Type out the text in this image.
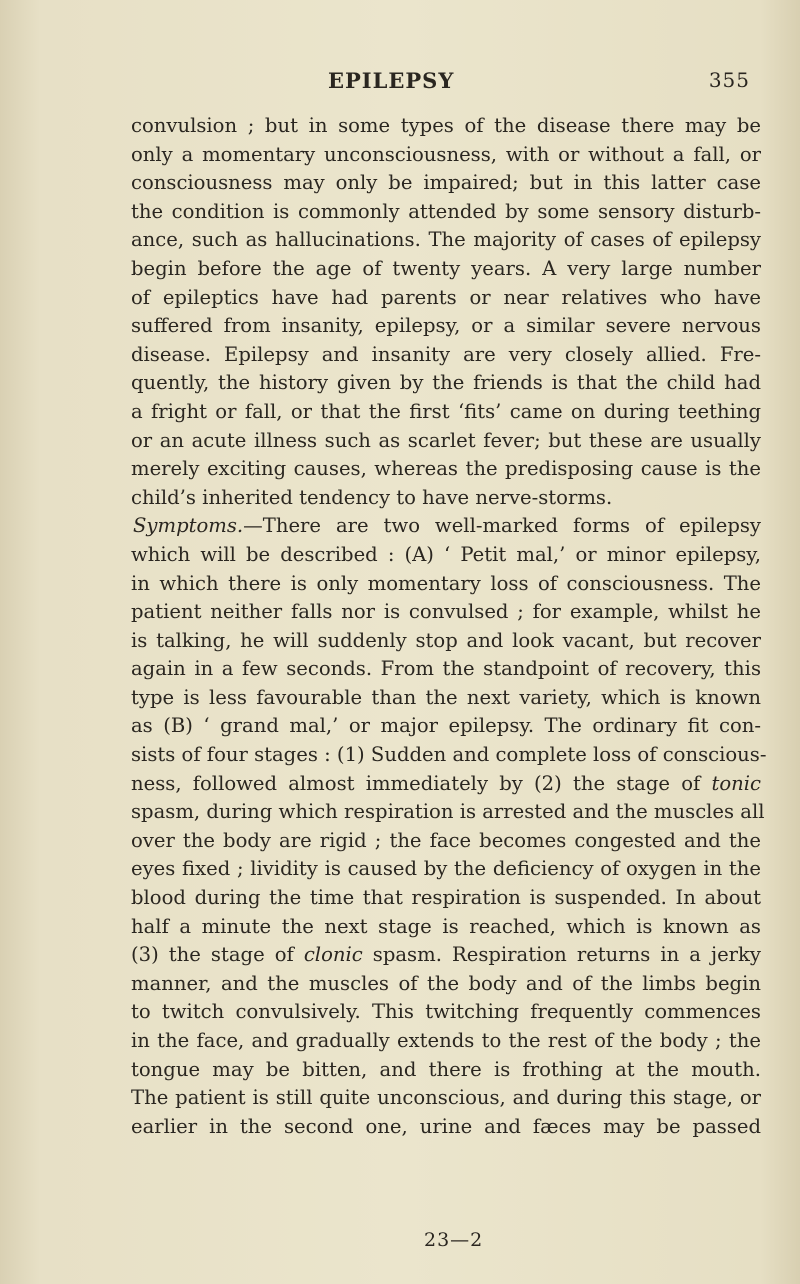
EPILEPSY	355
convulsion ; but in some types of the disease there may be
only a momentary unconsciousness, with or without a fall, or
consciousness may only be impaired; but in this latter case
the condition is commonly attended by some sensory disturb-
ance, such as hallucinations. The majority of cases of epilepsy
begin before the age of twenty years. A very large number
of epileptics have had parents or near relatives who have
suffered from insanity, epilepsy, or a similar severe nervous
disease. Epilepsy and insanity are very closely allied. Fre-
quently, the history given by the friends is that the child had
a fright or fall, or that the first ‘fits’ came on during teething
or an acute illness such as scarlet fever; but these are usually
merely exciting causes, whereas the predisposing cause is the
child’s inherited tendency to have nerve-storms.
Symptoms.—There are two well-marked forms of epilepsy
which will be described : (A) ‘ Petit mal,’ or minor epilepsy,
in which there is only momentary loss of consciousness. The
patient neither falls nor is convulsed ; for example, whilst he
is talking, he will suddenly stop and look vacant, but recover
again in a few seconds. From the standpoint of recovery, this
type is less favourable than the next variety, which is known
as (B) ‘ grand mal,’ or major epilepsy. The ordinary fit con-
sists of four stages : (1) Sudden and complete loss of conscious-
ness, followed almost immediately by (2) the stage of tonic
spasm, during which respiration is arrested and the muscles all
over the body are rigid ; the face becomes congested and the
eyes fixed ; lividity is caused by the deficiency of oxygen in the
blood during the time that respiration is suspended. In about
half a minute the next stage is reached, which is known as
(3) the stage of clonic spasm. Respiration returns in a jerky
manner, and the muscles of the body and of the limbs begin
to twitch convulsively. This twitching frequently commences
in the face, and gradually extends to the rest of the body ; the
tongue may be bitten, and there is frothing at the mouth.
The patient is still quite unconscious, and during this stage, or
earlier in the second one, urine and fæces may be passed
23—2
